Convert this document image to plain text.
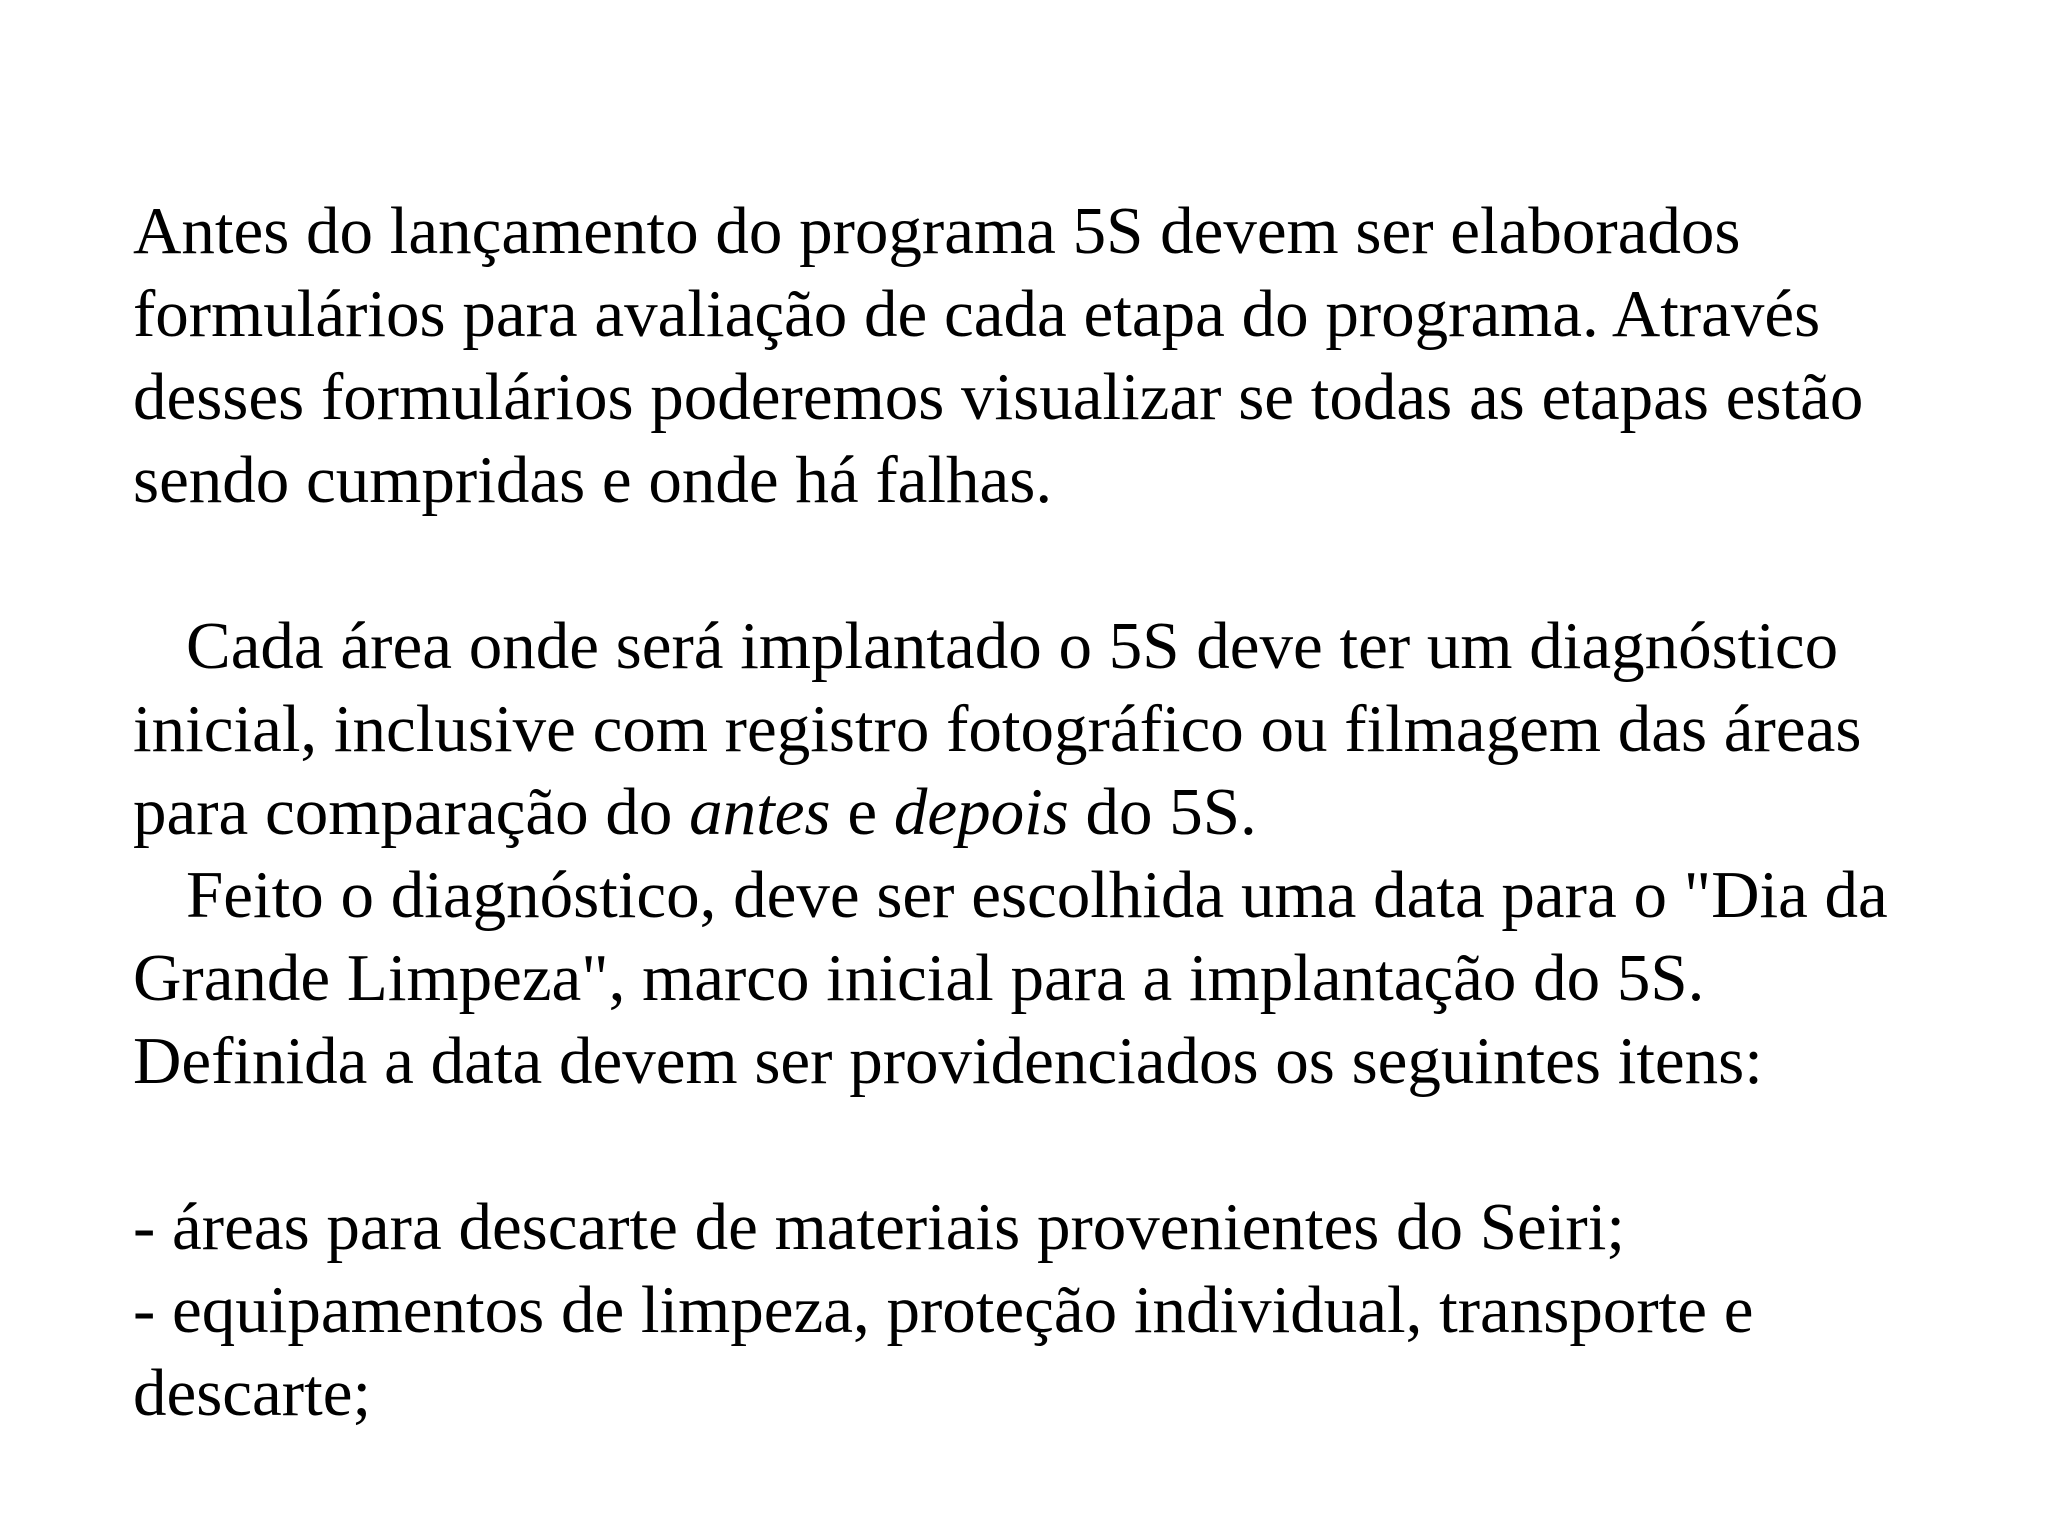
Antes do lançamento do programa 5S devem ser elaborados
formulários para avaliação de cada etapa do programa. Através
desses formulários poderemos visualizar se todas as etapas estão
sendo cumpridas e onde há falhas.
Cada área onde será implantado o 5S deve ter um diagnóstico
inicial, inclusive com registro fotográfico ou filmagem das áreas
para comparação do antes e depois do 5S.
Feito o diagnóstico, deve ser escolhida uma data para o "Dia da
Grande Limpeza", marco inicial para a implantação do 5S.
Definida a data devem ser providenciados os seguintes itens:
- áreas para descarte de materiais provenientes do Seiri;
- equipamentos de limpeza, proteção individual, transporte e
descarte;
